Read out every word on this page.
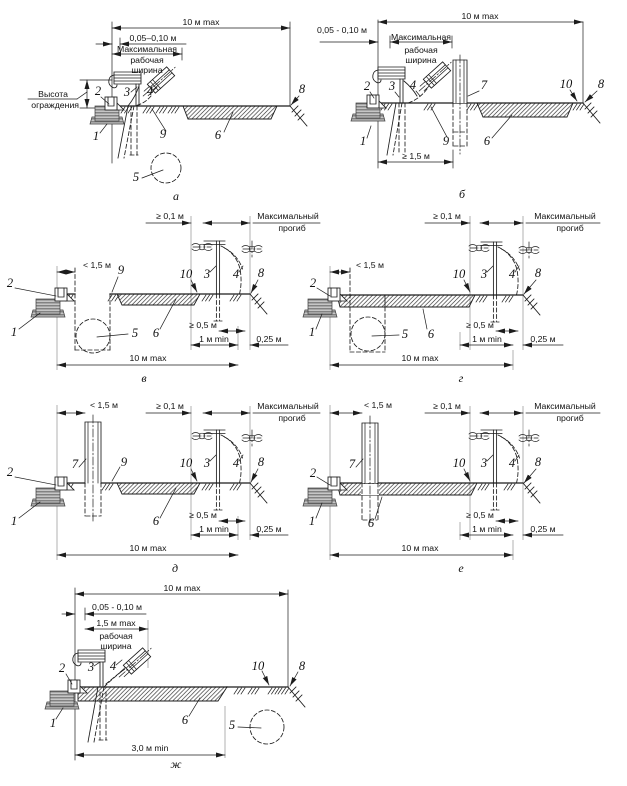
10 м max
0,05–0,10 м
Максимальная
рабочая
ширина
Высота
ограждения
2 3 4
1	9	6
5
8
а
10 м max
0,05 - 0,10 м
Максимальная
рабочая
ширина
≥ 1,5 м
2 3 4	7
1	9	6
10 8
б
≥ 0,1 м	Максимальный
прогиб
< 1,5 м
≥ 0,5 м
1 м min	0,25 м
10 м max
2
1
9
5 6
10 3 4 8
в
≥ 0,1 м	Максимальный
прогиб
< 1,5 м
≥ 0,5 м
1 м min	0,25 м
10 м max
2
1	5 6
10 3 4 8
г
< 1,5 м	≥ 0,1 м	Максимальный
прогиб
≥ 0,5 м
1 м min	0,25 м
10 м max
2
1
7	9
6
10 3 4 8
д
< 1,5 м	≥ 0,1 м	Максимальный
прогиб
≥ 0,5 м
1 м min	0,25 м
10 м max
2
1
7
6
10 3 4 8
е
10 м max
0,05 - 0,10 м
1,5 м max
рабочая
ширина
3,0 м min
2 3 4
1	6	5
10	8
ж
